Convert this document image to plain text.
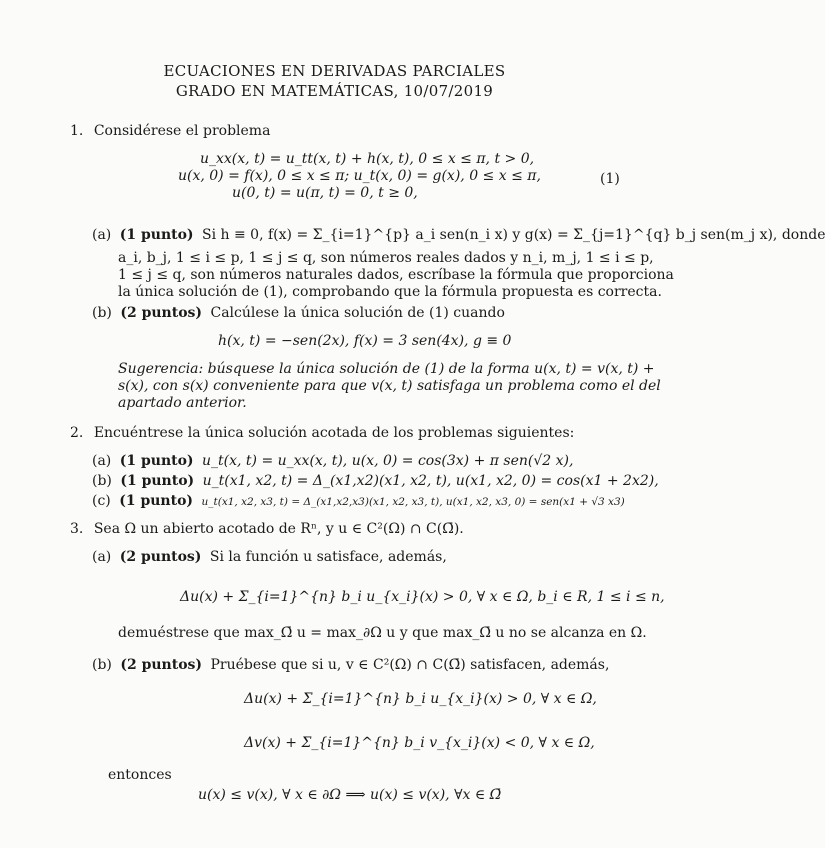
ECUACIONES EN DERIVADAS PARCIALES
GRADO EN MATEMÁTICAS, 10/07/2019
1. Considérese el problema
u_xx(x, t) = u_tt(x, t) + h(x, t), 0 ≤ x ≤ π, t > 0,
u(x, 0) = f(x), 0 ≤ x ≤ π; u_t(x, 0) = g(x), 0 ≤ x ≤ π,	(1)
u(0, t) = u(π, t) = 0, t ≥ 0,
(a) (1 punto) Si h ≡ 0, f(x) = Σ_{i=1}^{p} a_i sen(n_i x) y g(x) = Σ_{j=1}^{q} b_j sen(m_j x), donde
a_i, b_j, 1 ≤ i ≤ p, 1 ≤ j ≤ q, son números reales dados y n_i, m_j, 1 ≤ i ≤ p,
1 ≤ j ≤ q, son números naturales dados, escríbase la fórmula que proporciona
la única solución de (1), comprobando que la fórmula propuesta es correcta.
(b) (2 puntos) Calcúlese la única solución de (1) cuando
h(x, t) = −sen(2x), f(x) = 3 sen(4x), g ≡ 0
Sugerencia: búsquese la única solución de (1) de la forma u(x, t) = v(x, t) +
s(x), con s(x) conveniente para que v(x, t) satisfaga un problema como el del
apartado anterior.
2. Encuéntrese la única solución acotada de los problemas siguientes:
(a) (1 punto) u_t(x, t) = u_xx(x, t), u(x, 0) = cos(3x) + π sen(√2 x),
(b) (1 punto) u_t(x1, x2, t) = Δ_(x1,x2)(x1, x2, t), u(x1, x2, 0) = cos(x1 + 2x2),
(c) (1 punto) u_t(x1, x2, x3, t) = Δ_(x1,x2,x3)(x1, x2, x3, t), u(x1, x2, x3, 0) = sen(x1 + √3 x3)
3. Sea Ω un abierto acotado de Rⁿ, y u ∈ C²(Ω) ∩ C(Ω̄).
(a) (2 puntos) Si la función u satisface, además,
Δu(x) + Σ_{i=1}^{n} b_i u_{x_i}(x) > 0, ∀ x ∈ Ω, b_i ∈ R, 1 ≤ i ≤ n,
demuéstrese que max_Ω̄ u = max_∂Ω u y que max_Ω̄ u no se alcanza en Ω.
(b) (2 puntos) Pruébese que si u, v ∈ C²(Ω) ∩ C(Ω̄) satisfacen, además,
Δu(x) + Σ_{i=1}^{n} b_i u_{x_i}(x) > 0, ∀ x ∈ Ω,
Δv(x) + Σ_{i=1}^{n} b_i v_{x_i}(x) < 0, ∀ x ∈ Ω,
entonces
u(x) ≤ v(x), ∀ x ∈ ∂Ω ⟹ u(x) ≤ v(x), ∀x ∈ Ω̄
